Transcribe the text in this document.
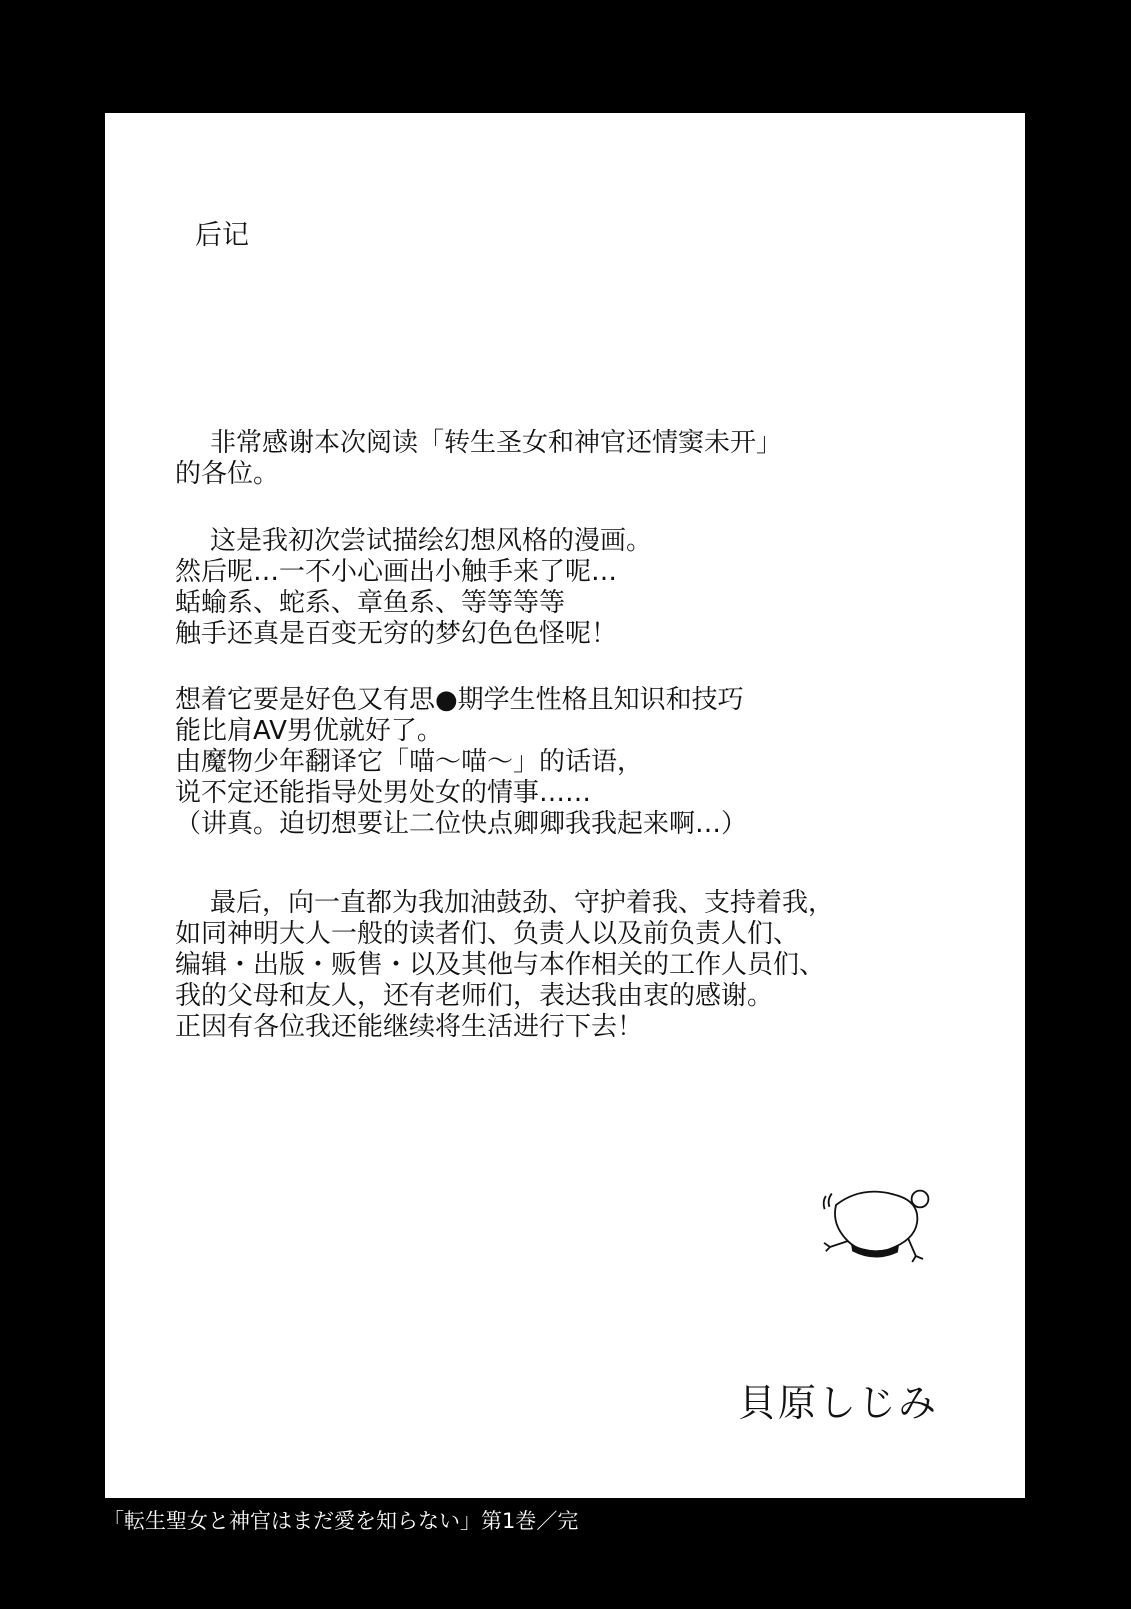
后记
非常感谢本次阅读「转生圣女和神官还情窦未开」
的各位。
这是我初次尝试描绘幻想风格的漫画。
然后呢…一不小心画出小触手来了呢…
蛞蝓系、蛇系、章鱼系、等等等等
触手还真是百变无穷的梦幻色色怪呢！
想着它要是好色又有思●期学生性格且知识和技巧
能比肩AV男优就好了。
由魔物少年翻译它「喵〜喵〜」的话语，
说不定还能指导处男处女的情事……
（讲真。迫切想要让二位快点卿卿我我起来啊…）
最后，向一直都为我加油鼓劲、守护着我、支持着我，
如同神明大人一般的读者们、负责人以及前负责人们、
编辑・出版・贩售・以及其他与本作相关的工作人员们、
我的父母和友人，还有老师们，表达我由衷的感谢。
正因有各位我还能继续将生活进行下去！
貝原しじみ
「転生聖女と神官はまだ愛を知らない」第1巻／完
